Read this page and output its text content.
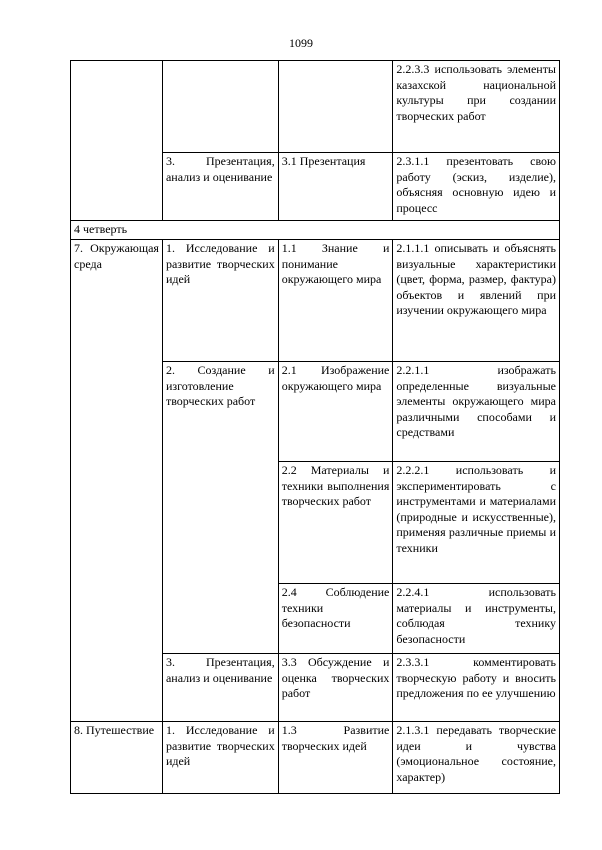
1099
			2.2.3.3 использовать элементы казахской национальной культуры при создании творческих работ
	3. Презентация, анализ и оценивание	3.1 Презентация	2.3.1.1 презентовать свою работу (эскиз, изделие), объясняя основную идею и процесс
4 четверть			
7. Окружающая среда	1. Исследование и развитие творческих идей	1.1 Знание и понимание окружающего мира	2.1.1.1 описывать и объяснять визуальные характеристики (цвет, форма, размер, фактура) объектов и явлений при изучении окружающего мира
	2. Создание и изготовление творческих работ	2.1 Изображение окружающего мира	2.2.1.1 изображать определенные визуальные элементы окружающего мира различными способами и средствами
		2.2 Материалы и техники выполнения творческих работ	2.2.2.1 использовать и экспериментировать с инструментами и материалами (природные и искусственные), применяя различные приемы и техники
		2.4 Соблюдение техники безопасности	2.2.4.1 использовать материалы и инструменты, соблюдая технику безопасности
	3. Презентация, анализ и оценивание	3.3 Обсуждение и оценка творческих работ	2.3.3.1 комментировать творческую работу и вносить предложения по ее улучшению
8. Путешествие	1. Исследование и развитие творческих идей	1.3 Развитие творческих идей	2.1.3.1 передавать творческие идеи и чувства (эмоциональное состояние, характер)
